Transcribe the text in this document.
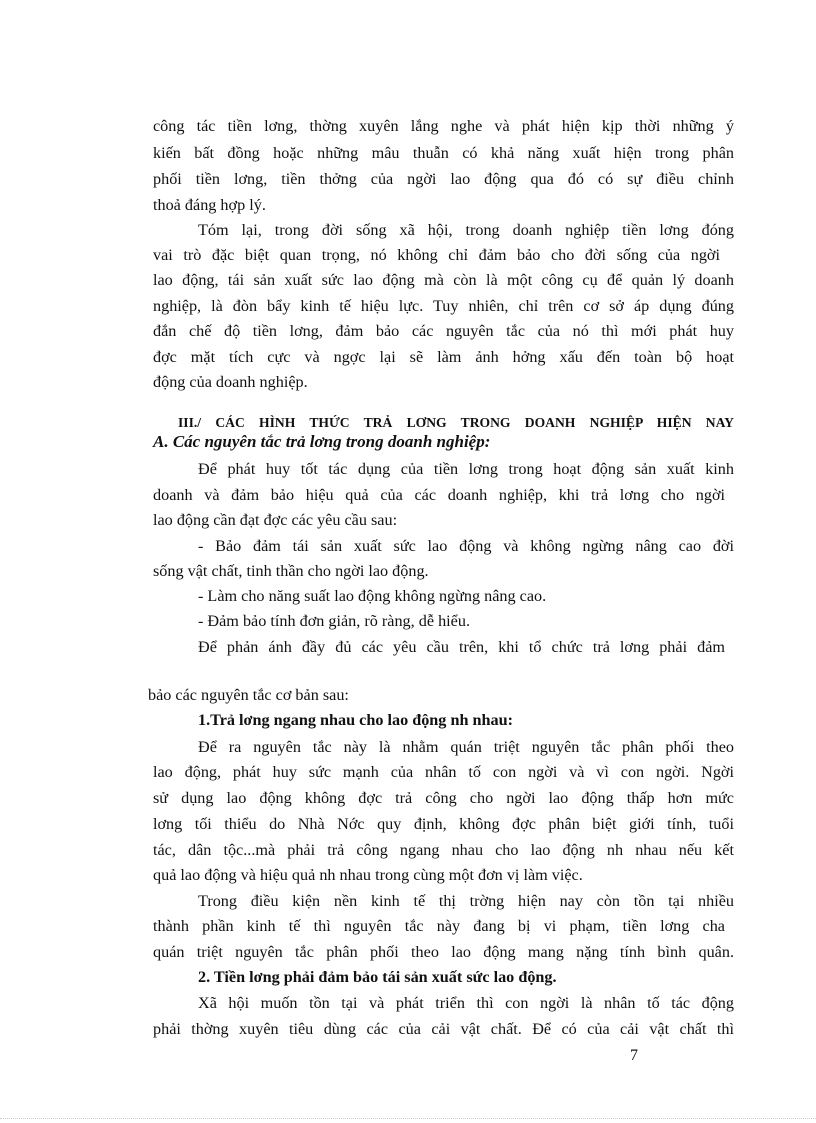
công tác tiền lơng, thờng xuyên lắng nghe và phát hiện kịp thời những ý
kiến bất đồng hoặc những mâu thuẫn có khả năng xuất hiện trong phân
phối tiền lơng, tiền thởng của ngời lao động qua đó có sự điều chỉnh
thoả đáng hợp lý.
Tóm lại, trong đời sống xã hội, trong doanh nghiệp tiền lơng đóng
vai trò đặc biệt quan trọng, nó không chỉ đảm bảo cho đời sống của ngời
lao động, tái sản xuất sức lao động mà còn là một công cụ để quản lý doanh
nghiệp, là đòn bẩy kinh tế hiệu lực. Tuy nhiên, chỉ trên cơ sở áp dụng đúng
đắn chế độ tiền lơng, đảm bảo các nguyên tắc của nó thì mới phát huy
đợc mặt tích cực và ngợc lại sẽ làm ảnh hởng xấu đến toàn bộ hoạt
động của doanh nghiệp.
III./ CÁC HÌNH THỨC TRẢ LƠNG TRONG DOANH NGHIỆP HIỆN NAY
A. Các nguyên tắc trả lơng trong doanh nghiệp:
Để phát huy tốt tác dụng của tiền lơng trong hoạt động sản xuất kinh
doanh và đảm bảo hiệu quả của các doanh nghiệp, khi trả lơng cho ngời
lao động cần đạt đợc các yêu cầu sau:
- Bảo đảm tái sản xuất sức lao động và không ngừng nâng cao đời
sống vật chất, tinh thần cho ngời lao động.
- Làm cho năng suất lao động không ngừng nâng cao.
- Đảm bảo tính đơn giản, rõ ràng, dễ hiểu.
Để phản ánh đầy đủ các yêu cầu trên, khi tổ chức trả lơng phải đảm
bảo các nguyên tắc cơ bản sau:
1.Trả lơng ngang nhau cho lao động nh nhau:
Để ra nguyên tắc này là nhằm quán triệt nguyên tắc phân phối theo
lao động, phát huy sức mạnh của nhân tố con ngời và vì con ngời. Ngời
sử dụng lao động không đợc trả công cho ngời lao động thấp hơn mức
lơng tối thiểu do Nhà Nớc quy định, không đợc phân biệt giới tính, tuổi
tác, dân tộc...mà phải trả công ngang nhau cho lao động nh nhau nếu kết
quả lao động và hiệu quả nh nhau trong cùng một đơn vị làm việc.
Trong điều kiện nền kinh tế thị trờng hiện nay còn tồn tại nhiều
thành phần kinh tế thì nguyên tắc này đang bị vi phạm, tiền lơng cha
quán triệt nguyên tắc phân phối theo lao động mang nặng tính bình quân.
2. Tiền lơng phải đảm bảo tái sản xuất sức lao động.
Xã hội muốn tồn tại và phát triển thì con ngời là nhân tố tác động
phải thờng xuyên tiêu dùng các của cải vật chất. Để có của cải vật chất thì
7
